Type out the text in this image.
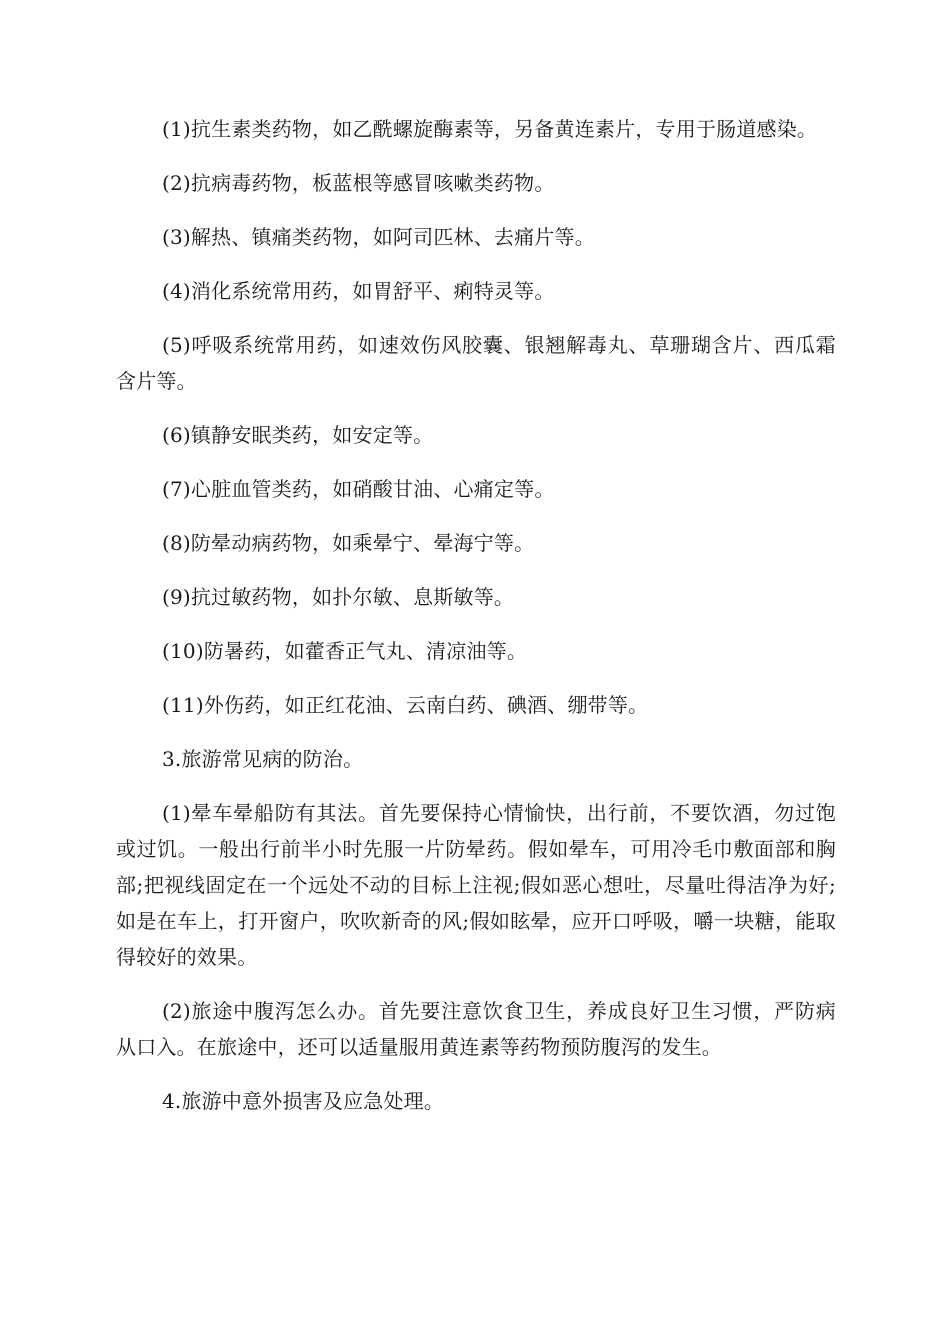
(1)抗生素类药物，如乙酰螺旋酶素等，另备黄连素片，专用于肠道感染。

(2)抗病毒药物，板蓝根等感冒咳嗽类药物。

(3)解热、镇痛类药物，如阿司匹林、去痛片等。

(4)消化系统常用药，如胃舒平、痢特灵等。

(5)呼吸系统常用药，如速效伤风胶囊、银翘解毒丸、草珊瑚含片、西瓜霜含片等。

(6)镇静安眠类药，如安定等。

(7)心脏血管类药，如硝酸甘油、心痛定等。

(8)防晕动病药物，如乘晕宁、晕海宁等。

(9)抗过敏药物，如扑尔敏、息斯敏等。

(10)防暑药，如藿香正气丸、清凉油等。

(11)外伤药，如正红花油、云南白药、碘酒、绷带等。

3.旅游常见病的防治。

(1)晕车晕船防有其法。首先要保持心情愉快，出行前，不要饮酒，勿过饱或过饥。一般出行前半小时先服一片防晕药。假如晕车，可用冷毛巾敷面部和胸部;把视线固定在一个远处不动的目标上注视;假如恶心想吐，尽量吐得洁净为好;如是在车上，打开窗户，吹吹新奇的风;假如眩晕，应开口呼吸，嚼一块糖，能取得较好的效果。

(2)旅途中腹泻怎么办。首先要注意饮食卫生，养成良好卫生习惯，严防病从口入。在旅途中，还可以适量服用黄连素等药物预防腹泻的发生。

4.旅游中意外损害及应急处理。
